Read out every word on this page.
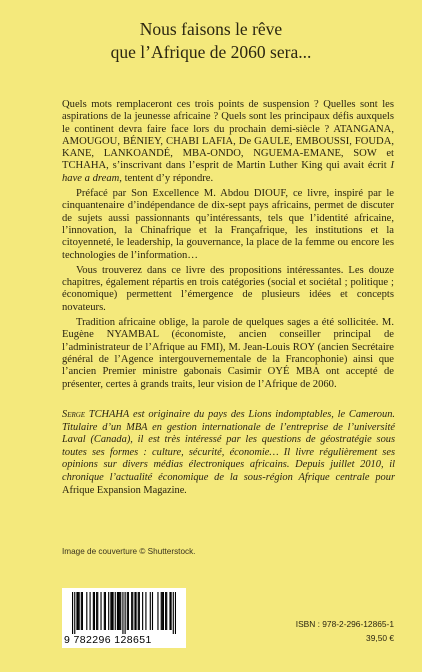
Nous faisons le rêve
que l’Afrique de 2060 sera...

Quels mots remplaceront ces trois points de suspension ? Quelles sont les aspirations de la jeunesse africaine ? Quels sont les principaux défis auxquels le continent devra faire face lors du prochain demi-siècle ? ATANGANA, AMOUGOU, BÉNIEY, CHABI LAFIA, De GAULE, EMBOUSSI, FOUDA, KANE, LANKOANDÉ, MBA-ONDO, NGUEMA-EMANE, SOW et TCHAHA, s’inscrivant dans l’esprit de Martin Luther King qui avait écrit I have a dream, tentent d’y répondre.

Préfacé par Son Excellence M. Abdou DIOUF, ce livre, inspiré par le cinquantenaire d’indépendance de dix-sept pays africains, permet de discuter de sujets aussi passionnants qu’intéressants, tels que l’identité africaine, l’innovation, la Chinafrique et la Françafrique, les institutions et la citoyenneté, le leadership, la gouvernance, la place de la femme ou encore les technologies de l’information…

Vous trouverez dans ce livre des propositions intéressantes. Les douze chapitres, également répartis en trois catégories (social et sociétal ; politique ; économique) permettent l’émergence de plusieurs idées et concepts novateurs.

Tradition africaine oblige, la parole de quelques sages a été sollicitée. M. Eugène NYAMBAL (économiste, ancien conseiller principal de l’administrateur de l’Afrique au FMI), M. Jean-Louis ROY (ancien Secrétaire général de l’Agence intergouvernementale de la Francophonie) ainsi que l’ancien Premier ministre gabonais Casimir OYÉ MBA ont accepté de présenter, certes à grands traits, leur vision de l’Afrique de 2060.

Serge TCHAHA est originaire du pays des Lions indomptables, le Cameroun. Titulaire d’un MBA en gestion internationale de l’entreprise de l’université Laval (Canada), il est très intéressé par les questions de géostratégie sous toutes ses formes : culture, sécurité, économie… Il livre régulièrement ses opinions sur divers médias électroniques africains. Depuis juillet 2010, il chronique l’actualité économique de la sous-région Afrique centrale pour Afrique Expansion Magazine.
Image de couverture © Shutterstock.
9 782296 128651
ISBN : 978-2-296-12865-1
39,50 €
